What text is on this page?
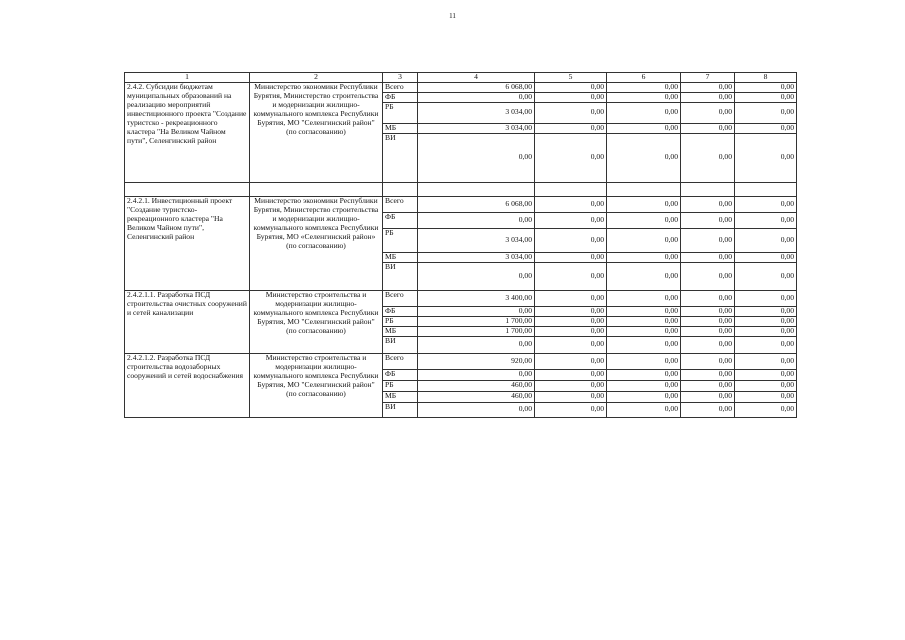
11
1	2	3	4	5	6	7	8
2.4.2. Субсидии бюджетам муниципальных образований на реализацию мероприятий инвестиционного проекта "Создание туристско - рекреационного кластера "На Великом Чайном пути", Селенгинский район	Министерство экономики Республики Бурятия, Министерство строительства и модернизации жилищно-коммунального комплекса Республики Бурятия, МО "Селенгинский район" (по согласованию)	Всего	6 068,00	0,00	0,00	0,00	0,00
		ФБ	0,00	0,00	0,00	0,00	0,00
		РБ	3 034,00	0,00	0,00	0,00	0,00
		МБ	3 034,00	0,00	0,00	0,00	0,00
		ВИ	0,00	0,00	0,00	0,00	0,00

2.4.2.1. Инвестиционный проект "Создание туристско-рекреационного кластера "На Великом Чайном пути", Селенгинский район	Министерство экономики Республики Бурятия, Министерство строительства и модернизации жилищно-коммунального комплекса Республики Бурятия, МО «Селенгинский район» (по согласованию)	Всего	6 068,00	0,00	0,00	0,00	0,00
		ФБ	0,00	0,00	0,00	0,00	0,00
		РБ	3 034,00	0,00	0,00	0,00	0,00
		МБ	3 034,00	0,00	0,00	0,00	0,00
		ВИ	0,00	0,00	0,00	0,00	0,00
2.4.2.1.1. Разработка ПСД строительства очистных сооружений и сетей канализации	Министерство строительства и модернизации жилищно-коммунального комплекса Республики Бурятия, МО "Селенгинский район" (по согласованию)	Всего	3 400,00	0,00	0,00	0,00	0,00
		ФБ	0,00	0,00	0,00	0,00	0,00
		РБ	1 700,00	0,00	0,00	0,00	0,00
		МБ	1 700,00	0,00	0,00	0,00	0,00
		ВИ	0,00	0,00	0,00	0,00	0,00
2.4.2.1.2. Разработка ПСД строительства водозаборных сооружений и сетей водоснабжения	Министерство строительства и модернизации жилищно-коммунального комплекса Республики Бурятия, МО "Селенгинский район" (по согласованию)	Всего	920,00	0,00	0,00	0,00	0,00
		ФБ	0,00	0,00	0,00	0,00	0,00
		РБ	460,00	0,00	0,00	0,00	0,00
		МБ	460,00	0,00	0,00	0,00	0,00
		ВИ	0,00	0,00	0,00	0,00	0,00
